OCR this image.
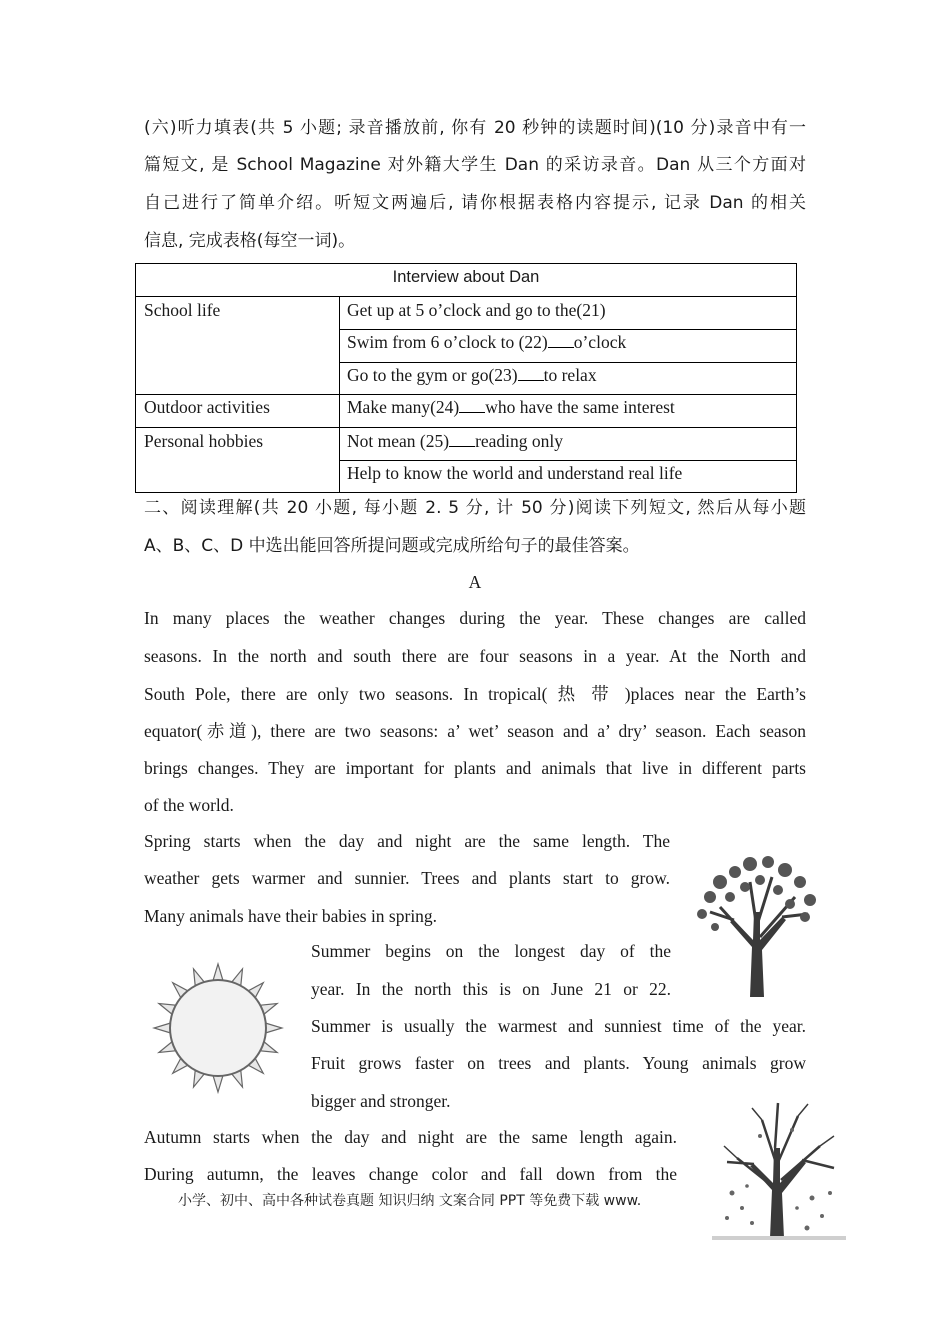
(六)听力填表(共 5 小题; 录音播放前, 你有 20 秒钟的读题时间)(10 分)录音中有一
篇短文, 是 School Magazine 对外籍大学生 Dan 的采访录音。Dan 从三个方面对
自己进行了简单介绍。听短文两遍后, 请你根据表格内容提示, 记录 Dan 的相关
信息, 完成表格(每空一词)。
Interview about Dan
School life	Get up at 5 o’clock and go to the(21)
Swim from 6 o’clock to (22) o’clock
Go to the gym or go(23) to relax
Outdoor activities	Make many(24) who have the same interest
Personal hobbies	Not mean (25) reading only
Help to know the world and understand real life
二、阅读理解(共 20 小题, 每小题 2. 5 分, 计 50 分)阅读下列短文, 然后从每小题
A、B、C、D 中选出能回答所提问题或完成所给句子的最佳答案。
A
In many places the weather changes during the year. These changes are called
seasons. In the north and south there are four seasons in a year. At the North and
South Pole, there are only two seasons. In tropical( 热 带 )places near the Earth’s
equator(赤道), there are two seasons: a’ wet’ season and a’ dry’ season. Each season
brings changes. They are important for plants and animals that live in different parts
of the world.
Spring starts when the day and night are the same length. The
weather gets warmer and sunnier. Trees and plants start to grow.
Many animals have their babies in spring.
Summer begins on the longest day of the
year. In the north this is on June 21 or 22.
Summer is usually the warmest and sunniest time of the year.
Fruit grows faster on trees and plants. Young animals grow
bigger and stronger.
Autumn starts when the day and night are the same length again.
During autumn, the leaves change color and fall down from the
小学、初中、高中各种试卷真题 知识归纳 文案合同 PPT 等免费下载 www.
